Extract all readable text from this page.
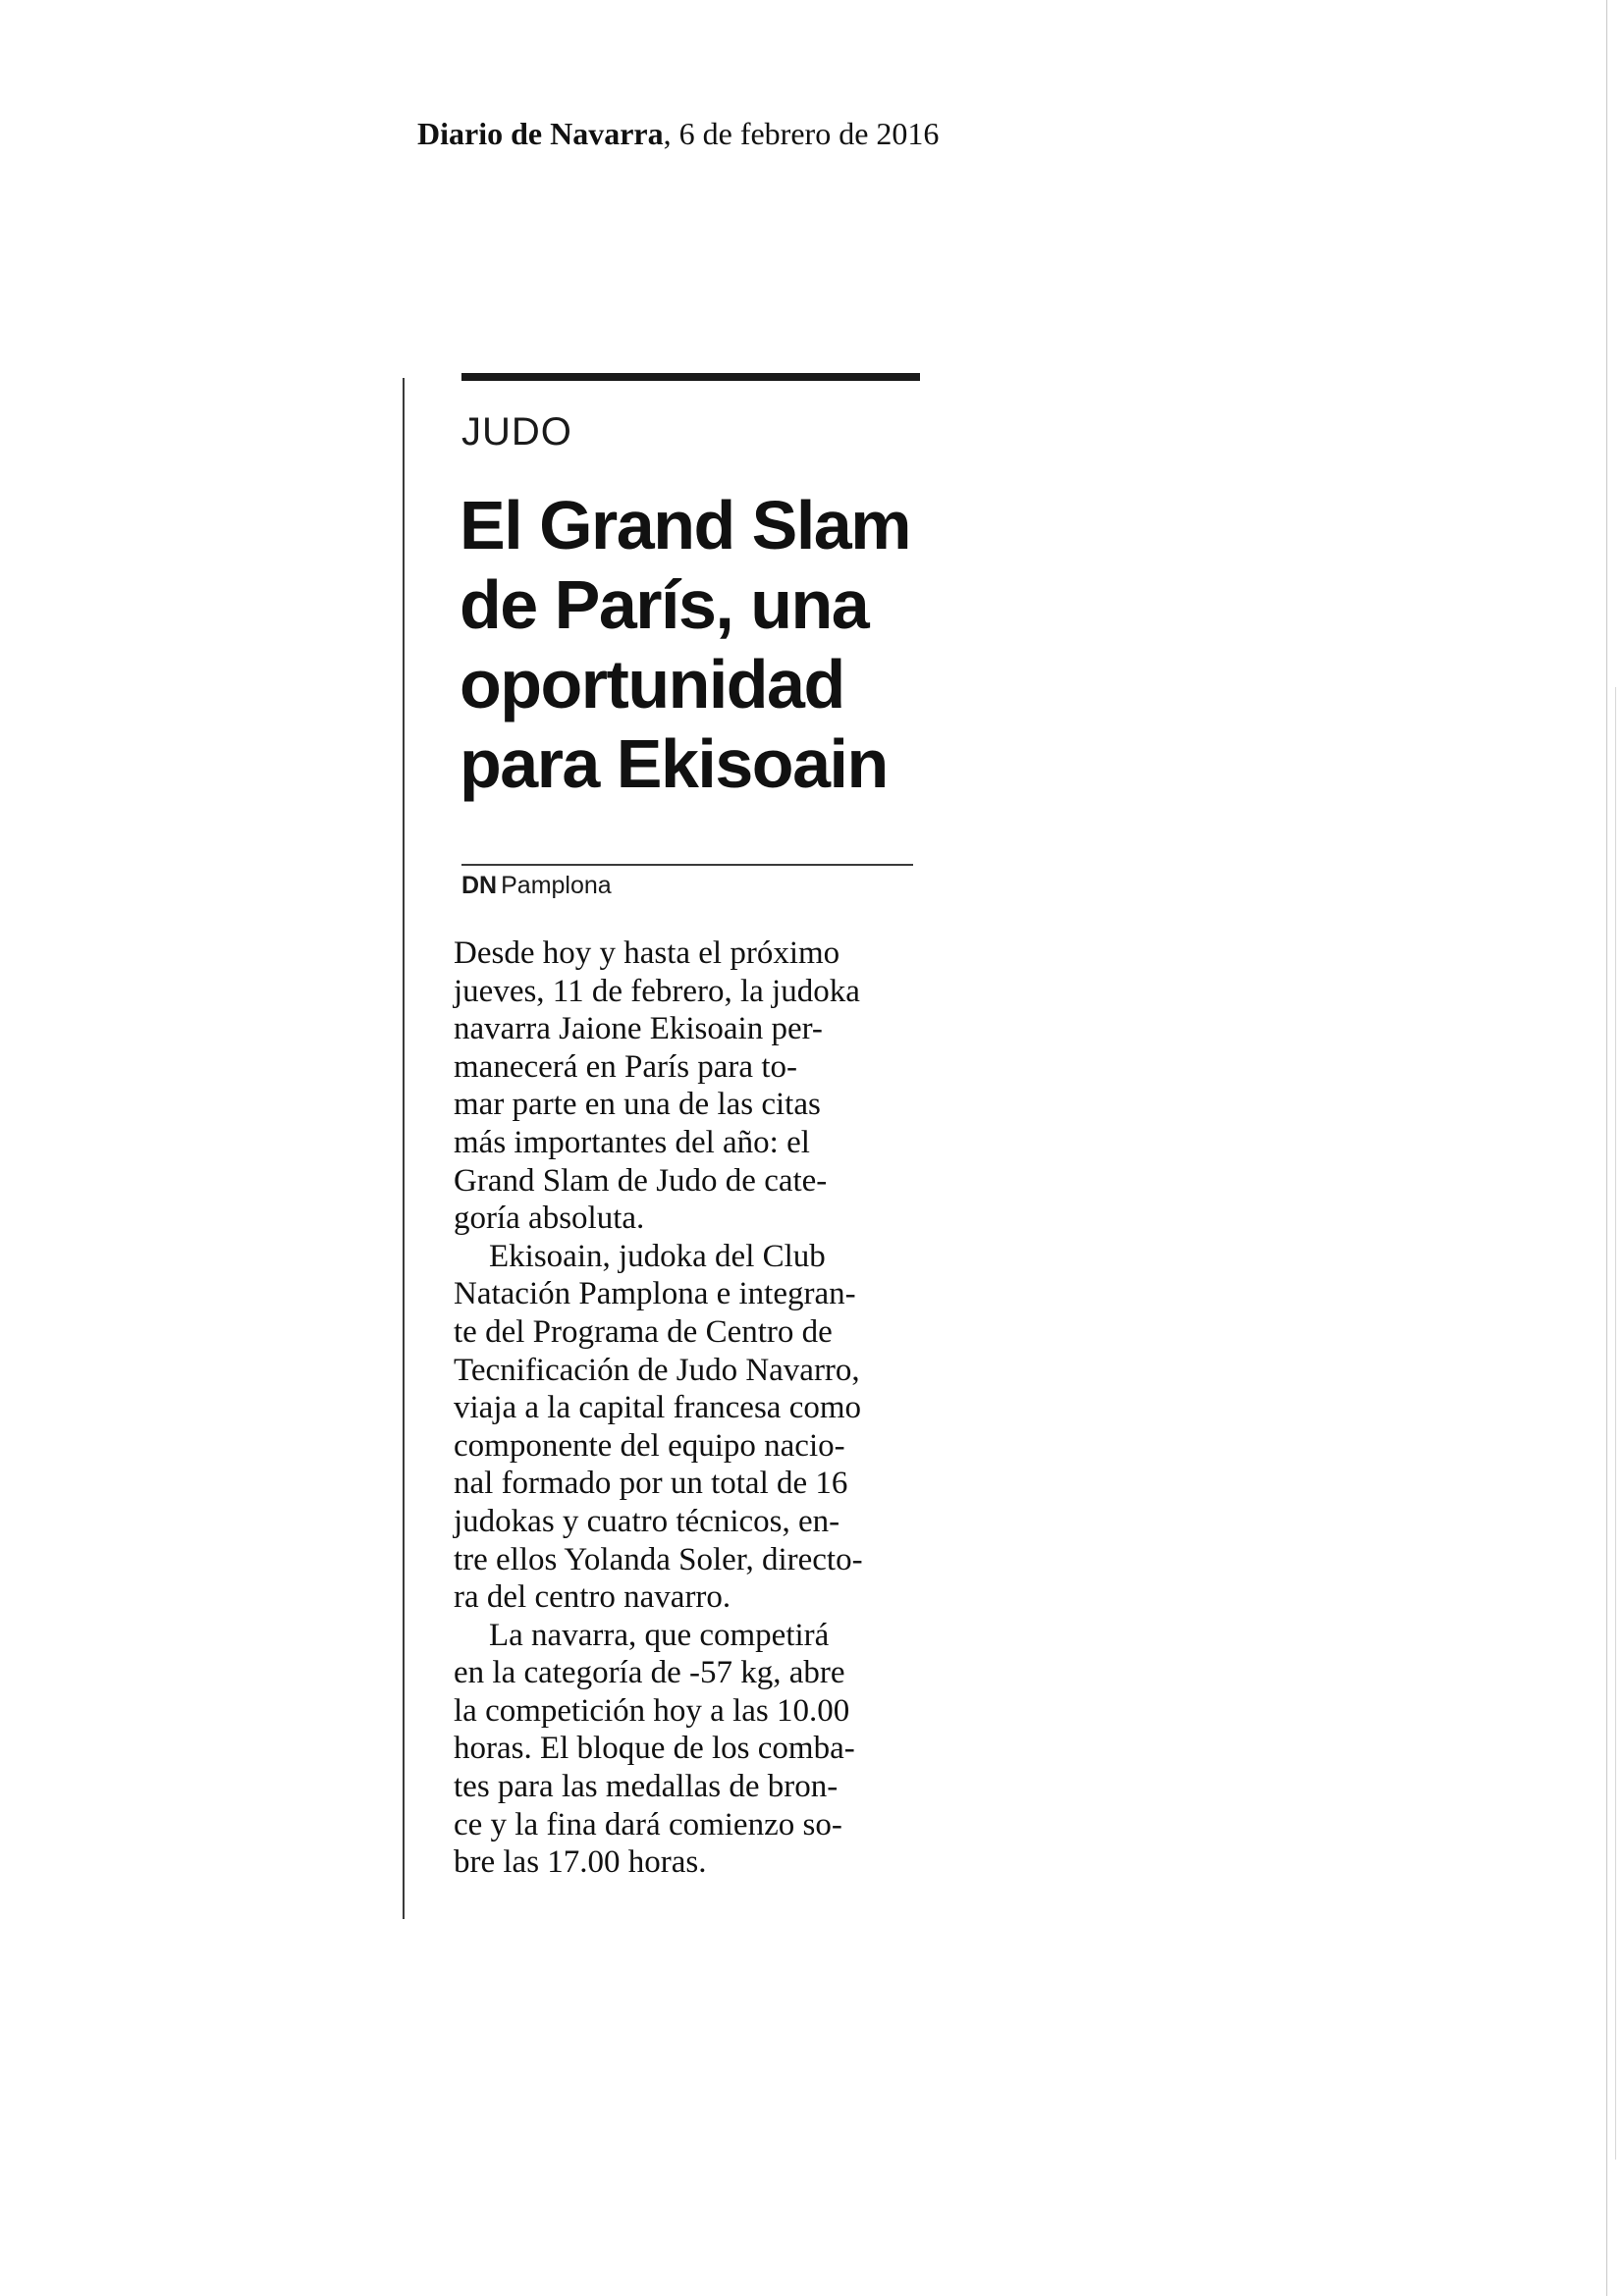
Diario de Navarra, 6 de febrero de 2016
JUDO
El Grand Slam
de París, una
oportunidad
para Ekisoain
DN Pamplona
Desde hoy y hasta el próximo
jueves, 11 de febrero, la judoka
navarra Jaione Ekisoain per-
manecerá en París para to-
mar parte en una de las citas
más importantes del año: el
Grand Slam de Judo de cate-
goría absoluta.
Ekisoain, judoka del Club
Natación Pamplona e integran-
te del Programa de Centro de
Tecnificación de Judo Navarro,
viaja a la capital francesa como
componente del equipo nacio-
nal formado por un total de 16
judokas y cuatro técnicos, en-
tre ellos Yolanda Soler, directo-
ra del centro navarro.
La navarra, que competirá
en la categoría de -57 kg, abre
la competición hoy a las 10.00
horas. El bloque de los comba-
tes para las medallas de bron-
ce y la fina dará comienzo so-
bre las 17.00 horas.
